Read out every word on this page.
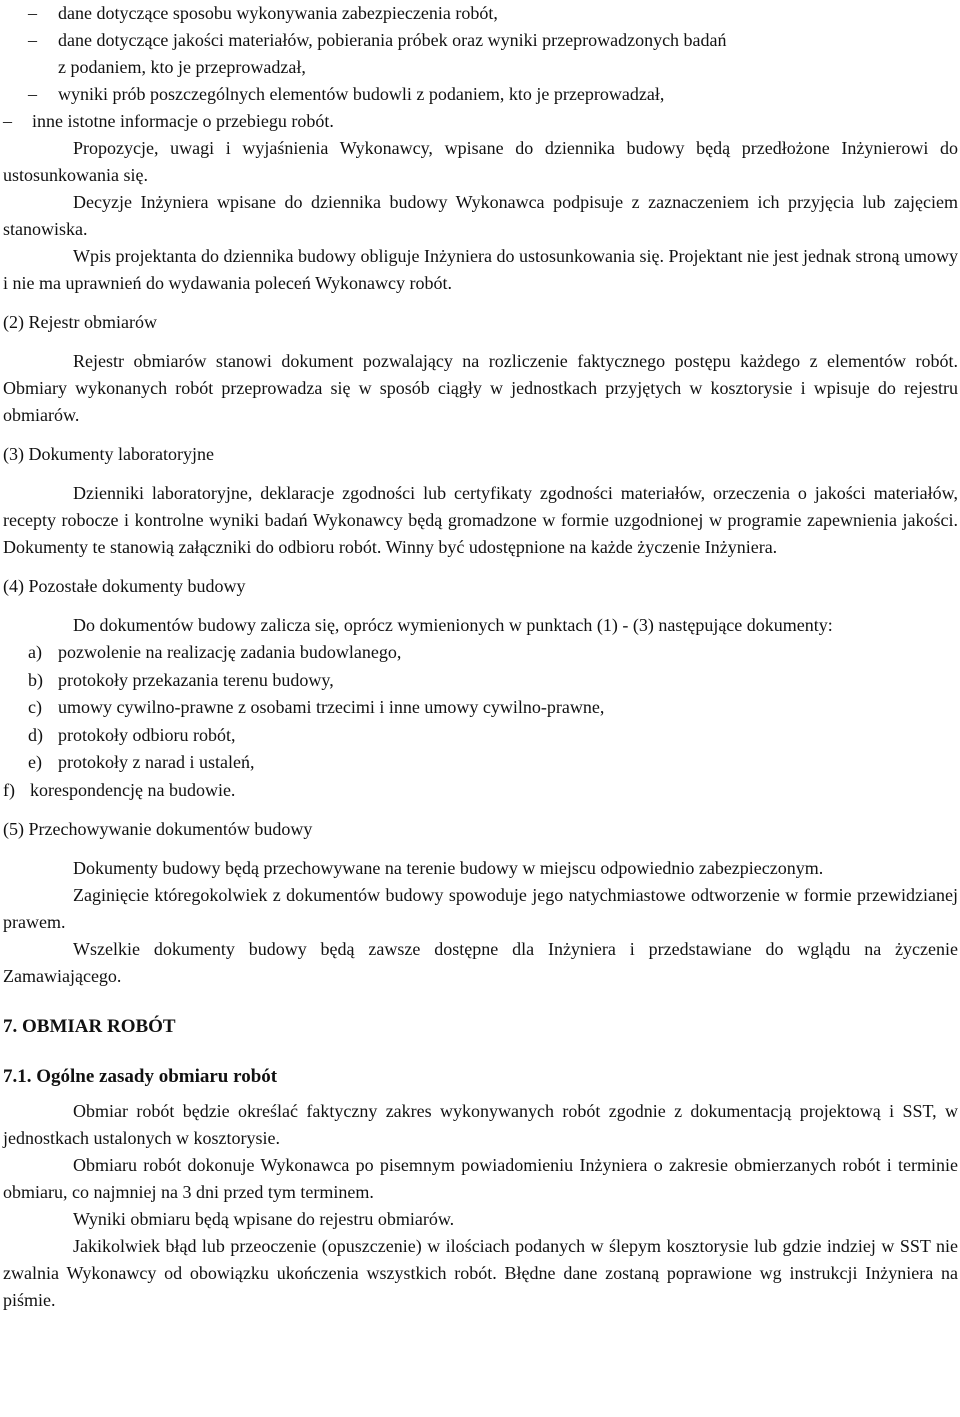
–	dane dotyczące sposobu wykonywania zabezpieczenia robót,
–	dane dotyczące jakości materiałów, pobierania próbek oraz wyniki przeprowadzonych badań
z podaniem, kto je przeprowadzał,
–	wyniki prób poszczególnych elementów budowli z podaniem, kto je przeprowadzał,
–	inne istotne informacje o przebiegu robót.

Propozycje, uwagi i wyjaśnienia Wykonawcy, wpisane do dziennika budowy będą przedłożone Inżynierowi do ustosunkowania się.

Decyzje Inżyniera wpisane do dziennika budowy Wykonawca podpisuje z zaznaczeniem ich przyjęcia lub zajęciem stanowiska.

Wpis projektanta do dziennika budowy obliguje Inżyniera do ustosunkowania się. Projektant nie jest jednak stroną umowy i nie ma uprawnień do wydawania poleceń Wykonawcy robót.

(2) Rejestr obmiarów

Rejestr obmiarów stanowi dokument pozwalający na rozliczenie faktycznego postępu każdego z elementów robót. Obmiary wykonanych robót przeprowadza się w sposób ciągły w jednostkach przyjętych w kosztorysie i wpisuje do rejestru obmiarów.

(3) Dokumenty laboratoryjne

Dzienniki laboratoryjne, deklaracje zgodności lub certyfikaty zgodności materiałów, orzeczenia o jakości materiałów, recepty robocze i kontrolne wyniki badań Wykonawcy będą gromadzone w formie uzgodnionej w programie zapewnienia jakości. Dokumenty te stanowią załączniki do odbioru robót. Winny być udostępnione na każde życzenie Inżyniera.

(4) Pozostałe dokumenty budowy

Do dokumentów budowy zalicza się, oprócz wymienionych w punktach (1) - (3) następujące dokumenty:

a) pozwolenie na realizację zadania budowlanego,
b) protokoły przekazania terenu budowy,
c) umowy cywilno-prawne z osobami trzecimi i inne umowy cywilno-prawne,
d) protokoły odbioru robót,
e) protokoły z narad i ustaleń,
f) korespondencję na budowie.

(5) Przechowywanie dokumentów budowy

Dokumenty budowy będą przechowywane na terenie budowy w miejscu odpowiednio zabezpieczonym.

Zaginięcie któregokolwiek z dokumentów budowy spowoduje jego natychmiastowe odtworzenie w formie przewidzianej prawem.

Wszelkie dokumenty budowy będą zawsze dostępne dla Inżyniera i przedstawiane do wglądu na życzenie Zamawiającego.

7. OBMIAR ROBÓT

7.1. Ogólne zasady obmiaru robót

Obmiar robót będzie określać faktyczny zakres wykonywanych robót zgodnie z dokumentacją projektową i SST, w jednostkach ustalonych w kosztorysie.

Obmiaru robót dokonuje Wykonawca po pisemnym powiadomieniu Inżyniera o zakresie obmierzanych robót i terminie obmiaru, co najmniej na 3 dni przed tym terminem.

Wyniki obmiaru będą wpisane do rejestru obmiarów.

Jakikolwiek błąd lub przeoczenie (opuszczenie) w ilościach podanych w ślepym kosztorysie lub gdzie indziej w SST nie zwalnia Wykonawcy od obowiązku ukończenia wszystkich robót. Błędne dane zostaną poprawione wg instrukcji Inżyniera na piśmie.
